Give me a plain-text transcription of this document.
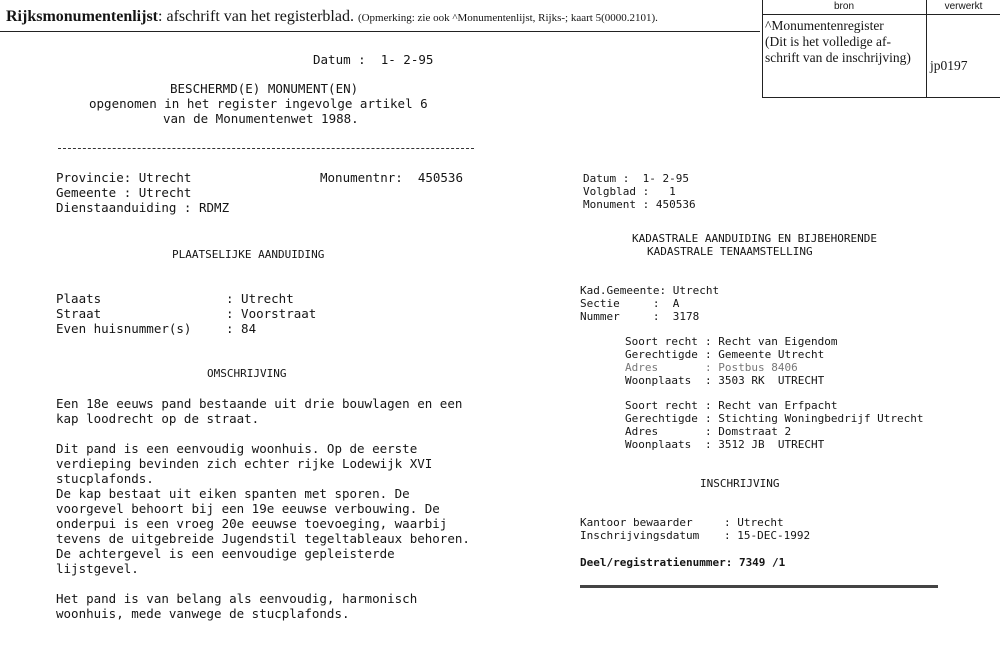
Rijksmonumentenlijst: afschrift van het registerblad. (Opmerking: zie ook ^Monumentenlijst, Rijks-; kaart 5(0000.2101).
bron	verwerkt
^Monumentenregister
(Dit is het volledige af-
schrift van de inschrijving)
jp0197
Datum :  1- 2-95
BESCHERMD(E) MONUMENT(EN)
opgenomen in het register ingevolge artikel 6
van de Monumentenwet 1988.
Provincie: Utrecht	Monumentnr:  450536
Gemeente : Utrecht
Dienstaanduiding : RDMZ
PLAATSELIJKE AANDUIDING
Plaats	: Utrecht
Straat	: Voorstraat
Even huisnummer(s)	: 84
OMSCHRIJVING
Een 18e eeuws pand bestaande uit drie bouwlagen en een
kap loodrecht op de straat.
Dit pand is een eenvoudig woonhuis. Op de eerste
verdieping bevinden zich echter rijke Lodewijk XVI
stucplafonds.
De kap bestaat uit eiken spanten met sporen. De
voorgevel behoort bij een 19e eeuwse verbouwing. De
onderpui is een vroeg 20e eeuwse toevoeging, waarbij
tevens de uitgebreide Jugendstil tegeltableaux behoren.
De achtergevel is een eenvoudige gepleisterde
lijstgevel.
Het pand is van belang als eenvoudig, harmonisch
woonhuis, mede vanwege de stucplafonds.
Datum :  1- 2-95
Volgblad :   1
Monument : 450536
KADASTRALE AANDUIDING EN BIJBEHORENDE
KADASTRALE TENAAMSTELLING
Kad.Gemeente: Utrecht
Sectie     :  A
Nummer     :  3178
Soort recht : Recht van Eigendom
Gerechtigde : Gemeente Utrecht
Adres	: Postbus 8406
Woonplaats : 3503 RK  UTRECHT
Soort recht : Recht van Erfpacht
Gerechtigde : Stichting Woningbedrijf Utrecht
Adres	: Domstraat 2
Woonplaats : 3512 JB  UTRECHT
INSCHRIJVING
Kantoor bewaarder	: Utrecht
Inschrijvingsdatum : 15-DEC-1992
Deel/registratienummer: 7349 /1
